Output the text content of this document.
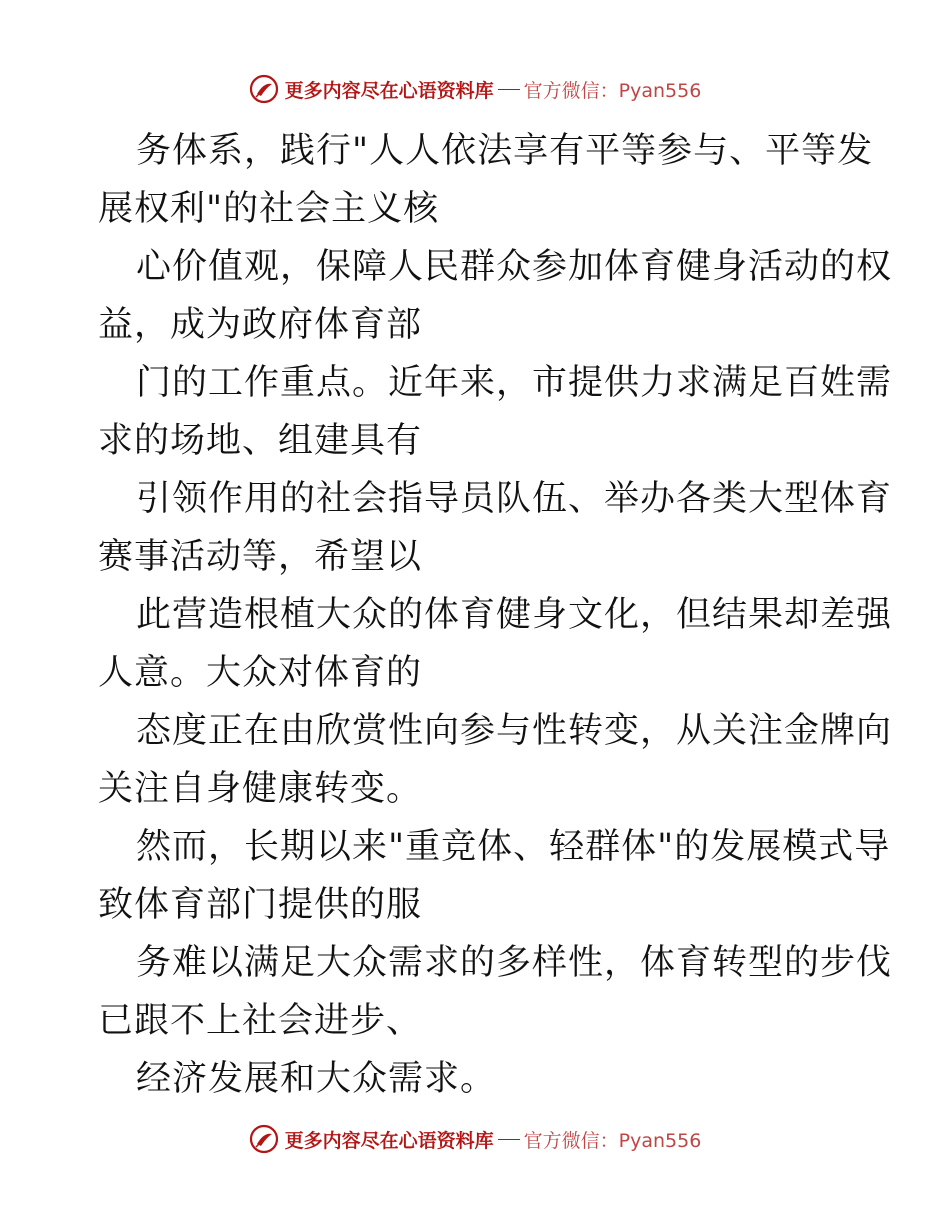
更多内容尽在心语资料库 官方微信：Pyan556

务体系，践行"人人依法享有平等参与、平等发

展权利"的社会主义核

心价值观，保障人民群众参加体育健身活动的权

益，成为政府体育部

门的工作重点。近年来，市提供力求满足百姓需

求的场地、组建具有

引领作用的社会指导员队伍、举办各类大型体育

赛事活动等，希望以

此营造根植大众的体育健身文化，但结果却差强

人意。大众对体育的

态度正在由欣赏性向参与性转变，从关注金牌向

关注自身健康转变。

然而，长期以来"重竞体、轻群体"的发展模式导

致体育部门提供的服

务难以满足大众需求的多样性，体育转型的步伐

已跟不上社会进步、

经济发展和大众需求。

更多内容尽在心语资料库 官方微信：Pyan556
